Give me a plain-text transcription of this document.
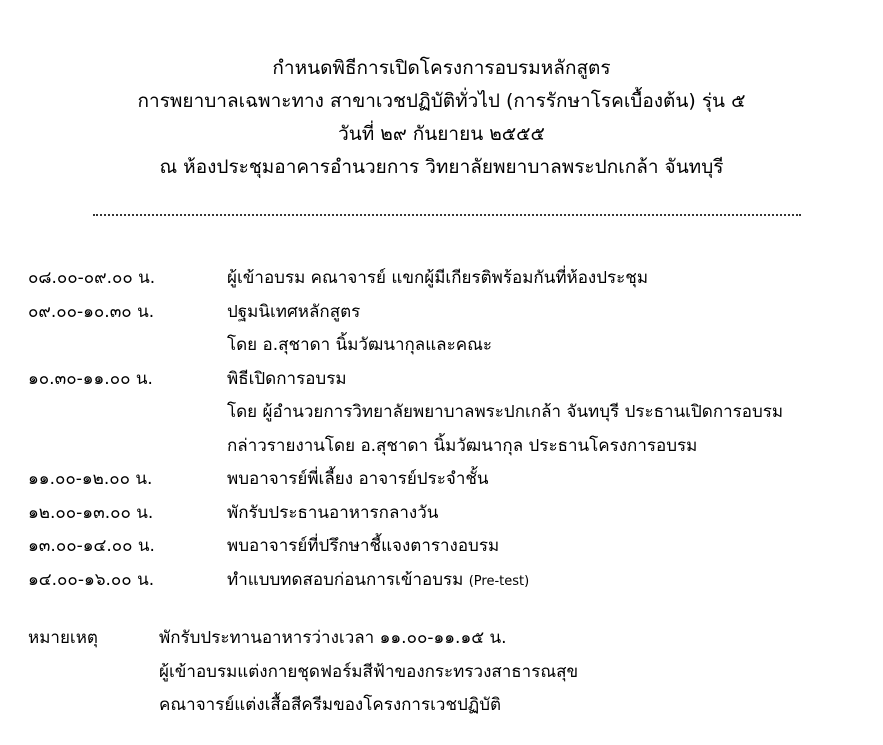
กำหนดพิธีการเปิดโครงการอบรมหลักสูตร
การพยาบาลเฉพาะทาง สาขาเวชปฏิบัติทั่วไป (การรักษาโรคเบื้องต้น) รุ่น ๕
วันที่ ๒๙ กันยายน ๒๕๕๕
ณ ห้องประชุมอาคารอำนวยการ วิทยาลัยพยาบาลพระปกเกล้า จันทบุรี
๐๘.๐๐-๐๙.๐๐ น.	ผู้เข้าอบรม คณาจารย์ แขกผู้มีเกียรติพร้อมกันที่ห้องประชุม
๐๙.๐๐-๑๐.๓๐ น.	ปฐมนิเทศหลักสูตร
โดย อ.สุชาดา นิ้มวัฒนากุลและคณะ
๑๐.๓๐-๑๑.๐๐ น.	พิธีเปิดการอบรม
โดย ผู้อำนวยการวิทยาลัยพยาบาลพระปกเกล้า จันทบุรี ประธานเปิดการอบรม
กล่าวรายงานโดย อ.สุชาดา นิ้มวัฒนากุล ประธานโครงการอบรม
๑๑.๐๐-๑๒.๐๐ น.	พบอาจารย์พี่เลี้ยง อาจารย์ประจำชั้น
๑๒.๐๐-๑๓.๐๐ น.	พักรับประธานอาหารกลางวัน
๑๓.๐๐-๑๔.๐๐ น.	พบอาจารย์ที่ปรึกษาชี้แจงตารางอบรม
๑๔.๐๐-๑๖.๐๐ น.	ทำแบบทดสอบก่อนการเข้าอบรม (Pre-test)
หมายเหตุ	พักรับประทานอาหารว่างเวลา ๑๑.๐๐-๑๑.๑๕ น.
ผู้เข้าอบรมแต่งกายชุดฟอร์มสีฟ้าของกระทรวงสาธารณสุข
คณาจารย์แต่งเสื้อสีครีมของโครงการเวชปฏิบัติ
